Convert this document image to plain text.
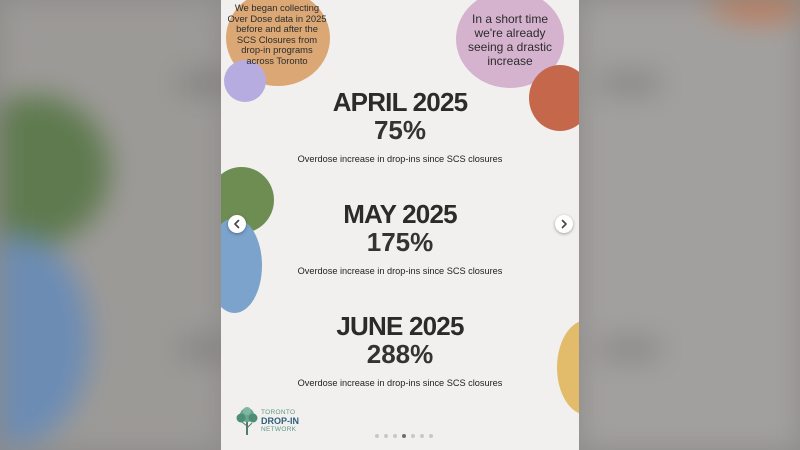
We began collecting Over Dose data in 2025 before and after the SCS Closures from drop-in programs across Toronto
In a short time we're already seeing a drastic increase
APRIL 2025
75%
Overdose increase in drop-ins since SCS closures
MAY 2025
175%
Overdose increase in drop-ins since SCS closures
JUNE 2025
288%
Overdose increase in drop-ins since SCS closures
TORONTO
DROP-IN
NETWORK
